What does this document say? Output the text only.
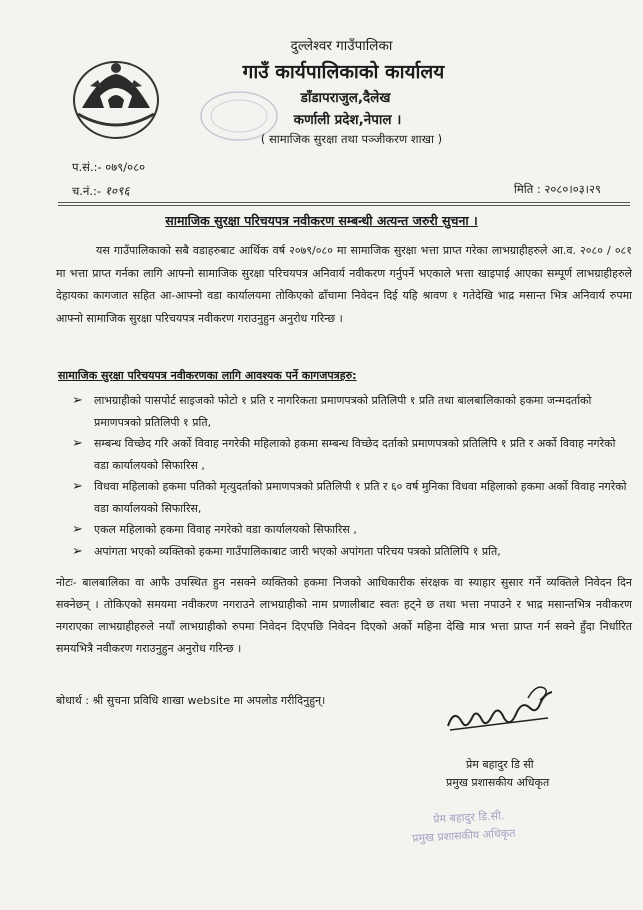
दुल्लेश्वर गाउँपालिका
गाउँ कार्यपालिकाको कार्यालय
डाँडापराजुल,दैलेख
कर्णाली प्रदेश,नेपाल ।
( सामाजिक सुरक्षा तथा पञ्जीकरण शाखा )
प.सं.:- ०७९/०८०
च.नं.:- १०९६	मिति : २०८०।०३।२९
सामाजिक सुरक्षा परिचयपत्र नवीकरण सम्बन्धी अत्यन्त जरुरी सुचना ।
यस गाउँपालिकाको सबै वडाहरुबाट आर्थिक वर्ष २०७९/०८० मा सामाजिक सुरक्षा भत्ता प्राप्त गरेका लाभग्राहीहरुले आ.व. २०८० / ०८१ मा भत्ता प्राप्त गर्नका लागि आफ्नो सामाजिक सुरक्षा परिचयपत्र अनिवार्य नवीकरण गर्नुपर्ने भएकाले भत्ता खाइपाई आएका सम्पूर्ण लाभग्राहीहरुले देहायका कागजात सहित आ-आफ्नो वडा कार्यालयमा तोकिएको ढाँचामा निवेदन दिई यहि श्रावण १ गतेदेखि भाद्र मसान्त भित्र अनिवार्य रुपमा आफ्नो सामाजिक सुरक्षा परिचयपत्र नवीकरण गराउनुहुन अनुरोध गरिन्छ ।
सामाजिक सुरक्षा परिचयपत्र नवीकरणका लागि आवश्यक पर्ने कागजपत्रहरु:
➢ लाभग्राहीको पासपोर्ट साइजको फोटो १ प्रति र नागरिकता प्रमाणपत्रको प्रतिलिपी १ प्रति तथा बालबालिकाको हकमा जन्मदर्ताको प्रमाणपत्रको प्रतिलिपी १ प्रति,
➢ सम्बन्ध विच्छेद गरि अर्को विवाह नगरेकी महिलाको हकमा सम्बन्ध विच्छेद दर्ताको प्रमाणपत्रको प्रतिलिपि १ प्रति र अर्को विवाह नगरेको वडा कार्यालयको सिफारिस ,
➢ विधवा महिलाको हकमा पतिको मृत्युदर्ताको प्रमाणपत्रको प्रतिलिपी १ प्रति र ६० वर्ष मुनिका विधवा महिलाको हकमा अर्को विवाह नगरेको वडा कार्यालयको सिफारिस,
➢ एकल महिलाको हकमा विवाह नगरेको वडा कार्यालयको सिफारिस ,
➢ अपांगता भएको व्यक्तिको हकमा गाउँपालिकाबाट जारी भएको अपांगता परिचय पत्रको प्रतिलिपि १ प्रति,
नोटः- बालबालिका वा आफै उपस्थित हुन नसक्ने व्यक्तिको हकमा निजको आधिकारीक संरक्षक वा स्याहार सुसार गर्ने व्यक्तिले निवेदन दिन सक्नेछन् । तोकिएको समयमा नवीकरण नगराउने लाभग्राहीको नाम प्रणालीबाट स्वतः हट्ने छ तथा भत्ता नपाउने र भाद्र मसान्तभित्र नवीकरण नगराएका लाभग्राहीहरुले नयाँ लाभग्राहीको रुपमा निवेदन दिएपछि निवेदन दिएको अर्को महिना देखि मात्र भत्ता प्राप्त गर्न सक्ने हुँदा निर्धारित समयभित्रै नवीकरण गराउनुहुन अनुरोध गरिन्छ ।
बोधार्थ : श्री सुचना प्रविधि शाखा website मा अपलोड गरीदिनुहुन्।
प्रेम बहादुर डि सी
प्रमुख प्रशासकीय अधिकृत
प्रेम बहादुर डि.सी.
प्रमुख प्रशासकीय अधिकृत
